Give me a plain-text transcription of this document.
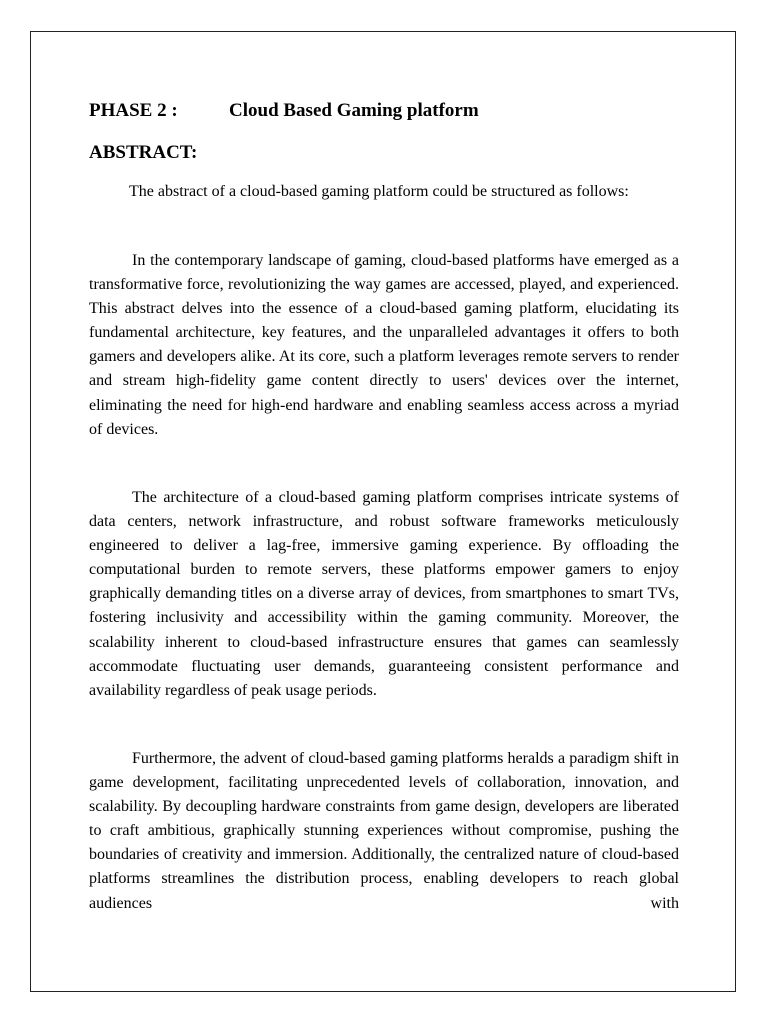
PHASE 2 :	Cloud Based Gaming platform
ABSTRACT:
The abstract of a cloud-based gaming platform could be structured as follows:

In the contemporary landscape of gaming, cloud-based platforms have emerged as a transformative force, revolutionizing the way games are accessed, played, and experienced. This abstract delves into the essence of a cloud-based gaming platform, elucidating its fundamental architecture, key features, and the unparalleled advantages it offers to both gamers and developers alike. At its core, such a platform leverages remote servers to render and stream high-fidelity game content directly to users' devices over the internet, eliminating the need for high-end hardware and enabling seamless access across a myriad of devices.

The architecture of a cloud-based gaming platform comprises intricate systems of data centers, network infrastructure, and robust software frameworks meticulously engineered to deliver a lag-free, immersive gaming experience. By offloading the computational burden to remote servers, these platforms empower gamers to enjoy graphically demanding titles on a diverse array of devices, from smartphones to smart TVs, fostering inclusivity and accessibility within the gaming community. Moreover, the scalability inherent to cloud-based infrastructure ensures that games can seamlessly accommodate fluctuating user demands, guaranteeing consistent performance and availability regardless of peak usage periods.

Furthermore, the advent of cloud-based gaming platforms heralds a paradigm shift in game development, facilitating unprecedented levels of collaboration, innovation, and scalability. By decoupling hardware constraints from game design, developers are liberated to craft ambitious, graphically stunning experiences without compromise, pushing the boundaries of creativity and immersion. Additionally, the centralized nature of cloud-based platforms streamlines the distribution process, enabling developers to reach global audiences with
